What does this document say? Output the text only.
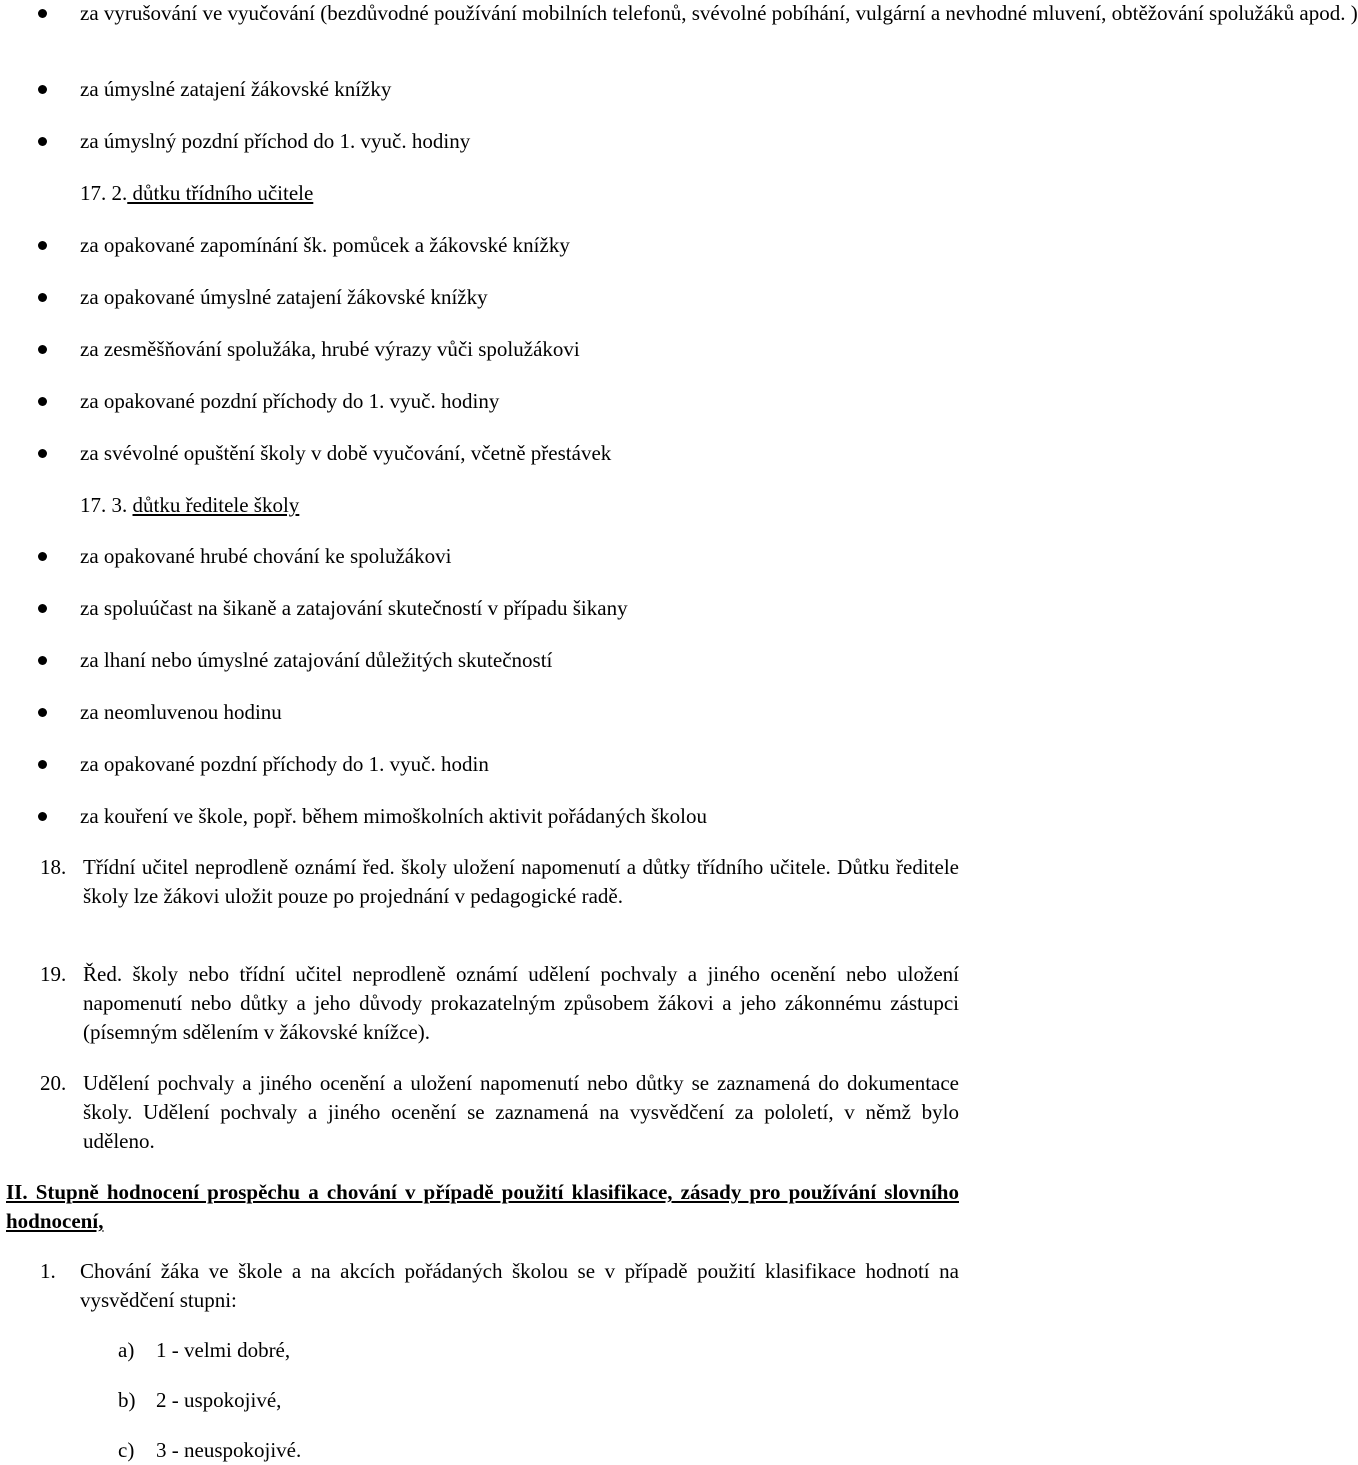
za vyrušování ve vyučování (bezdůvodné používání mobilních telefonů, svévolné pobíhání, vulgární a nevhodné mluvení, obtěžování spolužáků apod. )
za úmyslné zatajení žákovské knížky
za úmyslný pozdní příchod do 1. vyuč. hodiny
17. 2. důtku třídního učitele
za opakované zapomínání šk. pomůcek a žákovské knížky
za opakované úmyslné zatajení žákovské knížky
za zesměšňování spolužáka, hrubé výrazy vůči spolužákovi
za opakované pozdní příchody do 1. vyuč. hodiny
za svévolné opuštění školy v době vyučování, včetně přestávek
17. 3. důtku ředitele školy
za opakované hrubé chování ke spolužákovi
za spoluúčast na šikaně a zatajování skutečností v případu šikany
za lhaní nebo úmyslné zatajování důležitých skutečností
za neomluvenou hodinu
za opakované pozdní příchody do 1. vyuč. hodin
za kouření ve škole, popř. během mimoškolních aktivit pořádaných školou
18. Třídní učitel neprodleně oznámí řed. školy uložení napomenutí a důtky třídního učitele. Důtku ředitele školy lze žákovi uložit pouze po projednání v pedagogické radě.
19. Řed. školy nebo třídní učitel neprodleně oznámí udělení pochvaly a jiného ocenění nebo uložení napomenutí nebo důtky a jeho důvody prokazatelným způsobem žákovi a jeho zákonnému zástupci (písemným sdělením v žákovské knížce).
20. Udělení pochvaly a jiného ocenění a uložení napomenutí nebo důtky se zaznamená do dokumentace školy. Udělení pochvaly a jiného ocenění se zaznamená na vysvědčení za pololetí, v němž bylo uděleno.
II. Stupně hodnocení prospěchu a chování v případě použití klasifikace, zásady pro používání slovního hodnocení,
1. Chování žáka ve škole a na akcích pořádaných školou se v případě použití klasifikace hodnotí na vysvědčení stupni:
a) 1 - velmi dobré,
b) 2 - uspokojivé,
c) 3 - neuspokojivé.
